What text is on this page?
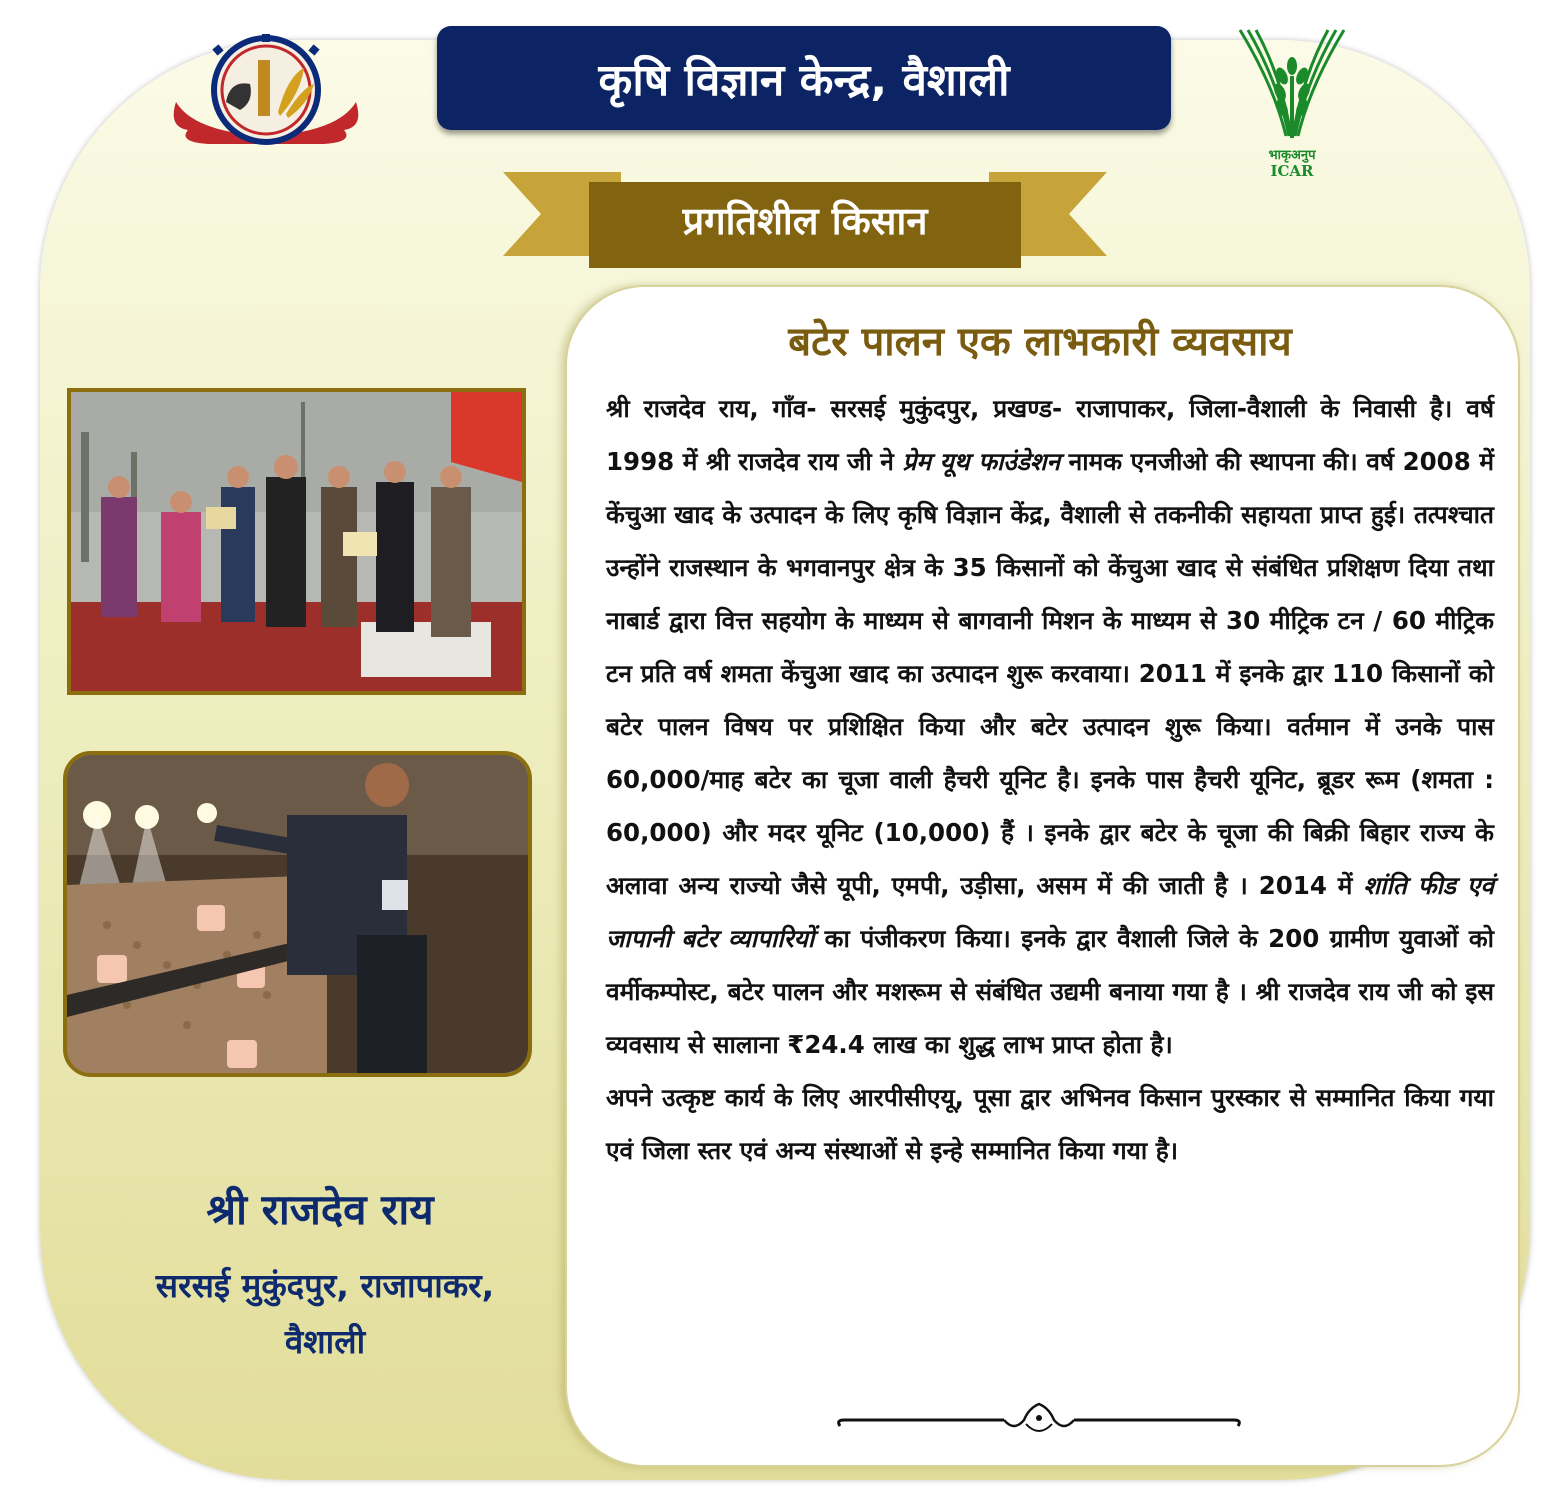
कृषि विज्ञान केन्द्र, वैशाली
भाकृअनुप
ICAR
प्रगतिशील किसान
श्री राजदेव राय
सरसई मुकुंदपुर, राजापाकर,
वैशाली
बटेर पालन एक लाभकारी व्यवसाय

श्री राजदेव राय, गाँव- सरसई मुकुंदपुर, प्रखण्ड- राजापाकर, जिला-वैशाली के निवासी है। वर्ष 1998 में श्री राजदेव राय जी ने प्रेम यूथ फाउंडेशन नामक एनजीओ की स्थापना की। वर्ष 2008 में केंचुआ खाद के उत्पादन के लिए कृषि विज्ञान केंद्र, वैशाली से तकनीकी सहायता प्राप्त हुई। तत्पश्चात उन्होंने राजस्थान के भगवानपुर क्षेत्र के 35 किसानों को केंचुआ खाद से संबंधित प्रशिक्षण दिया तथा नाबार्ड द्वारा वित्त सहयोग के माध्यम से बागवानी मिशन के माध्यम से 30 मीट्रिक टन / 60 मीट्रिक टन प्रति वर्ष शमता केंचुआ खाद का उत्पादन शुरू करवाया। 2011 में इनके द्वार 110 किसानों को बटेर पालन विषय पर प्रशिक्षित किया और बटेर उत्पादन शुरू किया। वर्तमान में उनके पास 60,000/माह बटेर का चूजा वाली हैचरी यूनिट है। इनके पास हैचरी यूनिट, ब्रूडर रूम (शमता : 60,000) और मदर यूनिट (10,000) हैं । इनके द्वार बटेर के चूजा की बिक्री बिहार राज्य के अलावा अन्य राज्यो जैसे यूपी, एमपी, उड़ीसा, असम में की जाती है । 2014 में शांति फीड एवं जापानी बटेर व्यापारियों का पंजीकरण किया। इनके द्वार वैशाली जिले के 200 ग्रामीण युवाओं को वर्मीकम्पोस्ट, बटेर पालन और मशरूम से संबंधित उद्यमी बनाया गया है । श्री राजदेव राय जी को इस व्यवसाय से सालाना ₹24.4 लाख का शुद्ध लाभ प्राप्त होता है।

अपने उत्कृष्ट कार्य के लिए आरपीसीएयू, पूसा द्वार अभिनव किसान पुरस्कार से सम्मानित किया गया एवं जिला स्तर एवं अन्य संस्थाओं से इन्हे सम्मानित किया गया है।
